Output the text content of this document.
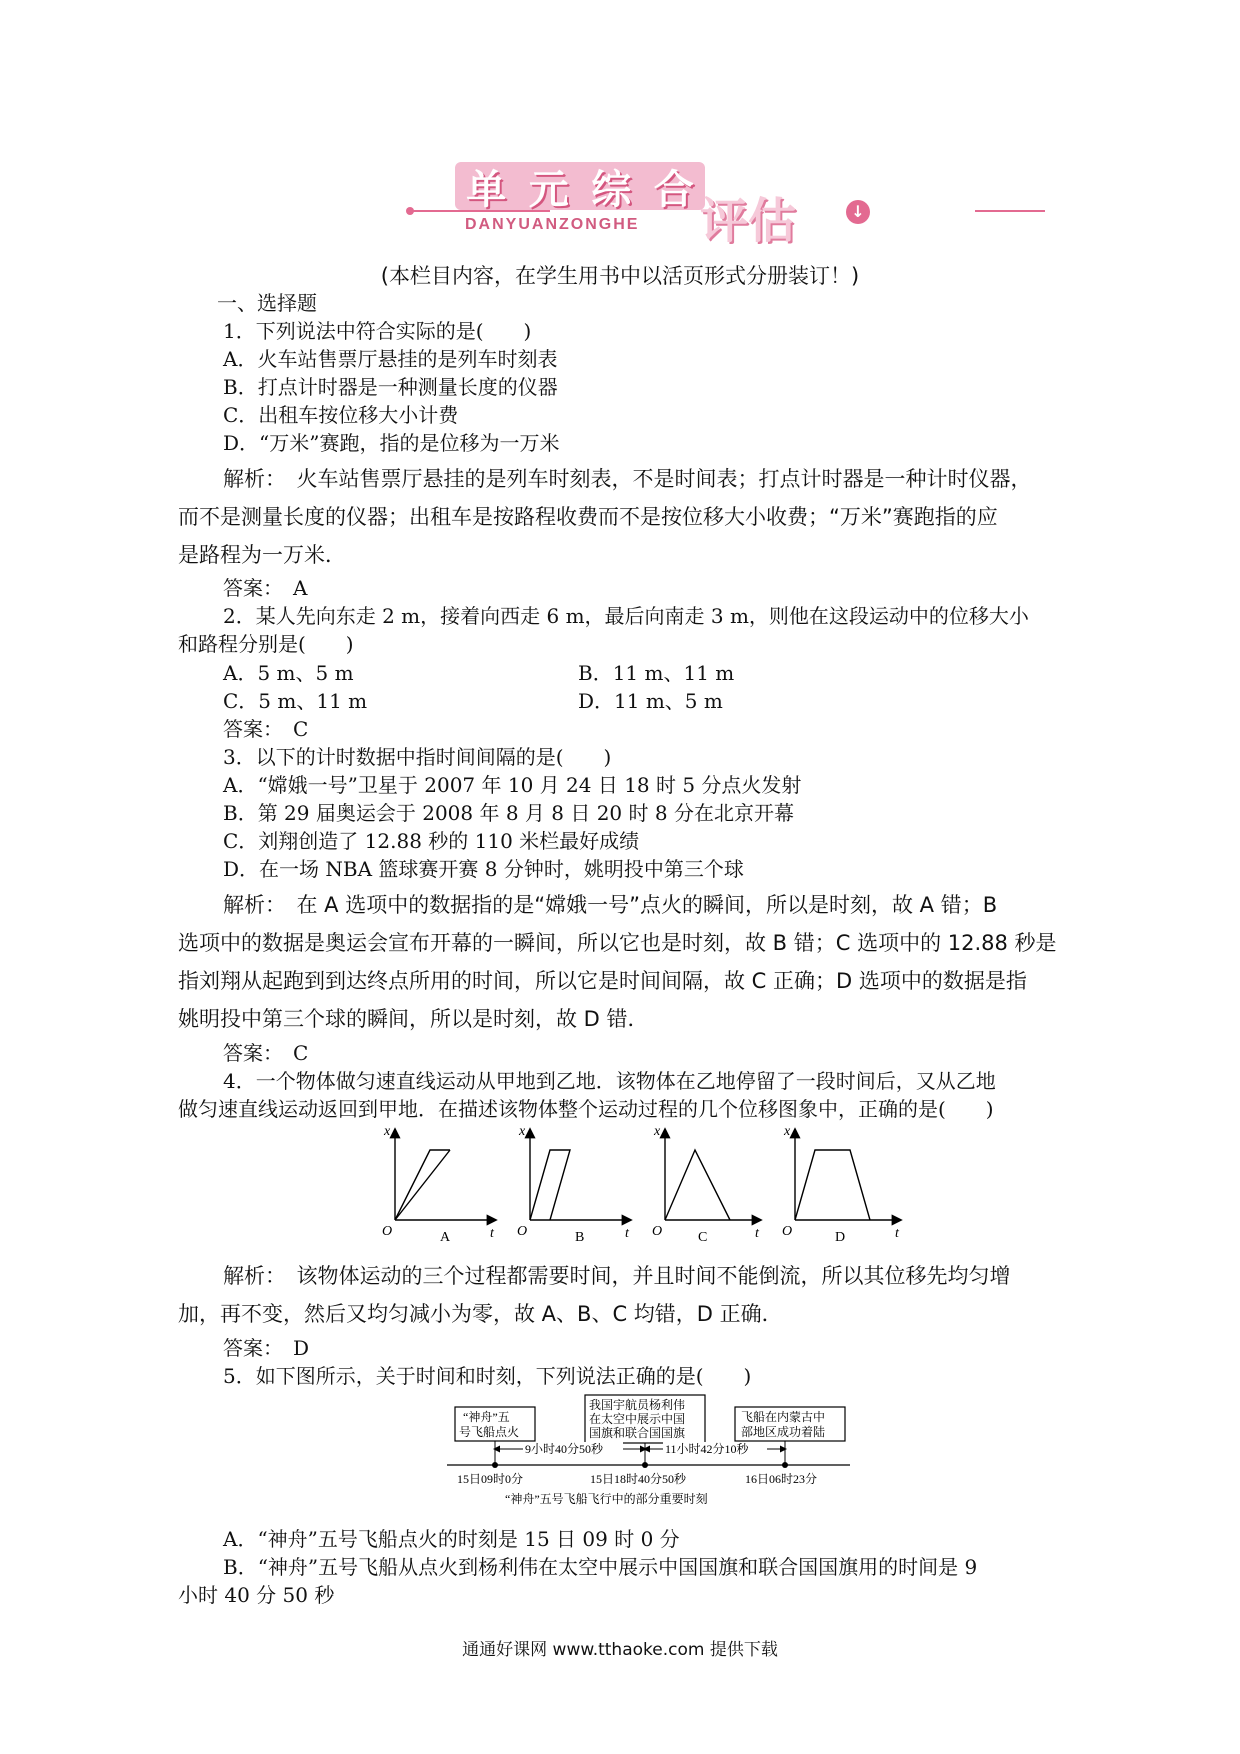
单 元 综 合
DANYUANZONGHE 评估	↓
(本栏目内容，在学生用书中以活页形式分册装订！)
一、选择题
1．下列说法中符合实际的是(　　)
A．火车站售票厅悬挂的是列车时刻表
B．打点计时器是一种测量长度的仪器
C．出租车按位移大小计费
D．“万米”赛跑，指的是位移为一万米
解析：　火车站售票厅悬挂的是列车时刻表，不是时间表；打点计时器是一种计时仪器，
而不是测量长度的仪器；出租车是按路程收费而不是按位移大小收费；“万米”赛跑指的应
是路程为一万米．
答案：　A
2．某人先向东走 2 m，接着向西走 6 m，最后向南走 3 m，则他在这段运动中的位移大小
和路程分别是(　　)
A．5 m、5 m	B．11 m、11 m
C．5 m、11 m	D．11 m、5 m
答案：　C
3．以下的计时数据中指时间间隔的是(　　)
A．“嫦娥一号”卫星于 2007 年 10 月 24 日 18 时 5 分点火发射
B．第 29 届奥运会于 2008 年 8 月 8 日 20 时 8 分在北京开幕
C．刘翔创造了 12.88 秒的 110 米栏最好成绩
D．在一场 NBA 篮球赛开赛 8 分钟时，姚明投中第三个球
解析：　在 A 选项中的数据指的是“嫦娥一号”点火的瞬间，所以是时刻，故 A 错；B
选项中的数据是奥运会宣布开幕的一瞬间，所以它也是时刻，故 B 错；C 选项中的 12.88 秒是
指刘翔从起跑到到达终点所用的时间，所以它是时间间隔，故 C 正确；D 选项中的数据是指
姚明投中第三个球的瞬间，所以是时刻，故 D 错．
答案：　C
4．一个物体做匀速直线运动从甲地到乙地．该物体在乙地停留了一段时间后，又从乙地
做匀速直线运动返回到甲地．在描述该物体整个运动过程的几个位移图象中，正确的是(　　)
x
t
O	A
x
t
O	B
x
t
O	C
x
t
O	D
解析：　该物体运动的三个过程都需要时间，并且时间不能倒流，所以其位移先均匀增
加，再不变，然后又均匀减小为零，故 A、B、C 均错，D 正确．
答案：　D
5．如下图所示，关于时间和时刻，下列说法正确的是(　　)
“神舟”五
号飞船点火
我国宇航员杨利伟
在太空中展示中国
国旗和联合国国旗
飞船在内蒙古中
部地区成功着陆
9小时40分50秒	11小时42分10秒
15日09时0分	15日18时40分50秒	16日06时23分
“神舟”五号飞船飞行中的部分重要时刻
A．“神舟”五号飞船点火的时刻是 15 日 09 时 0 分
B．“神舟”五号飞船从点火到杨利伟在太空中展示中国国旗和联合国国旗用的时间是 9
小时 40 分 50 秒
通通好课网 www.tthaoke.com 提供下载
